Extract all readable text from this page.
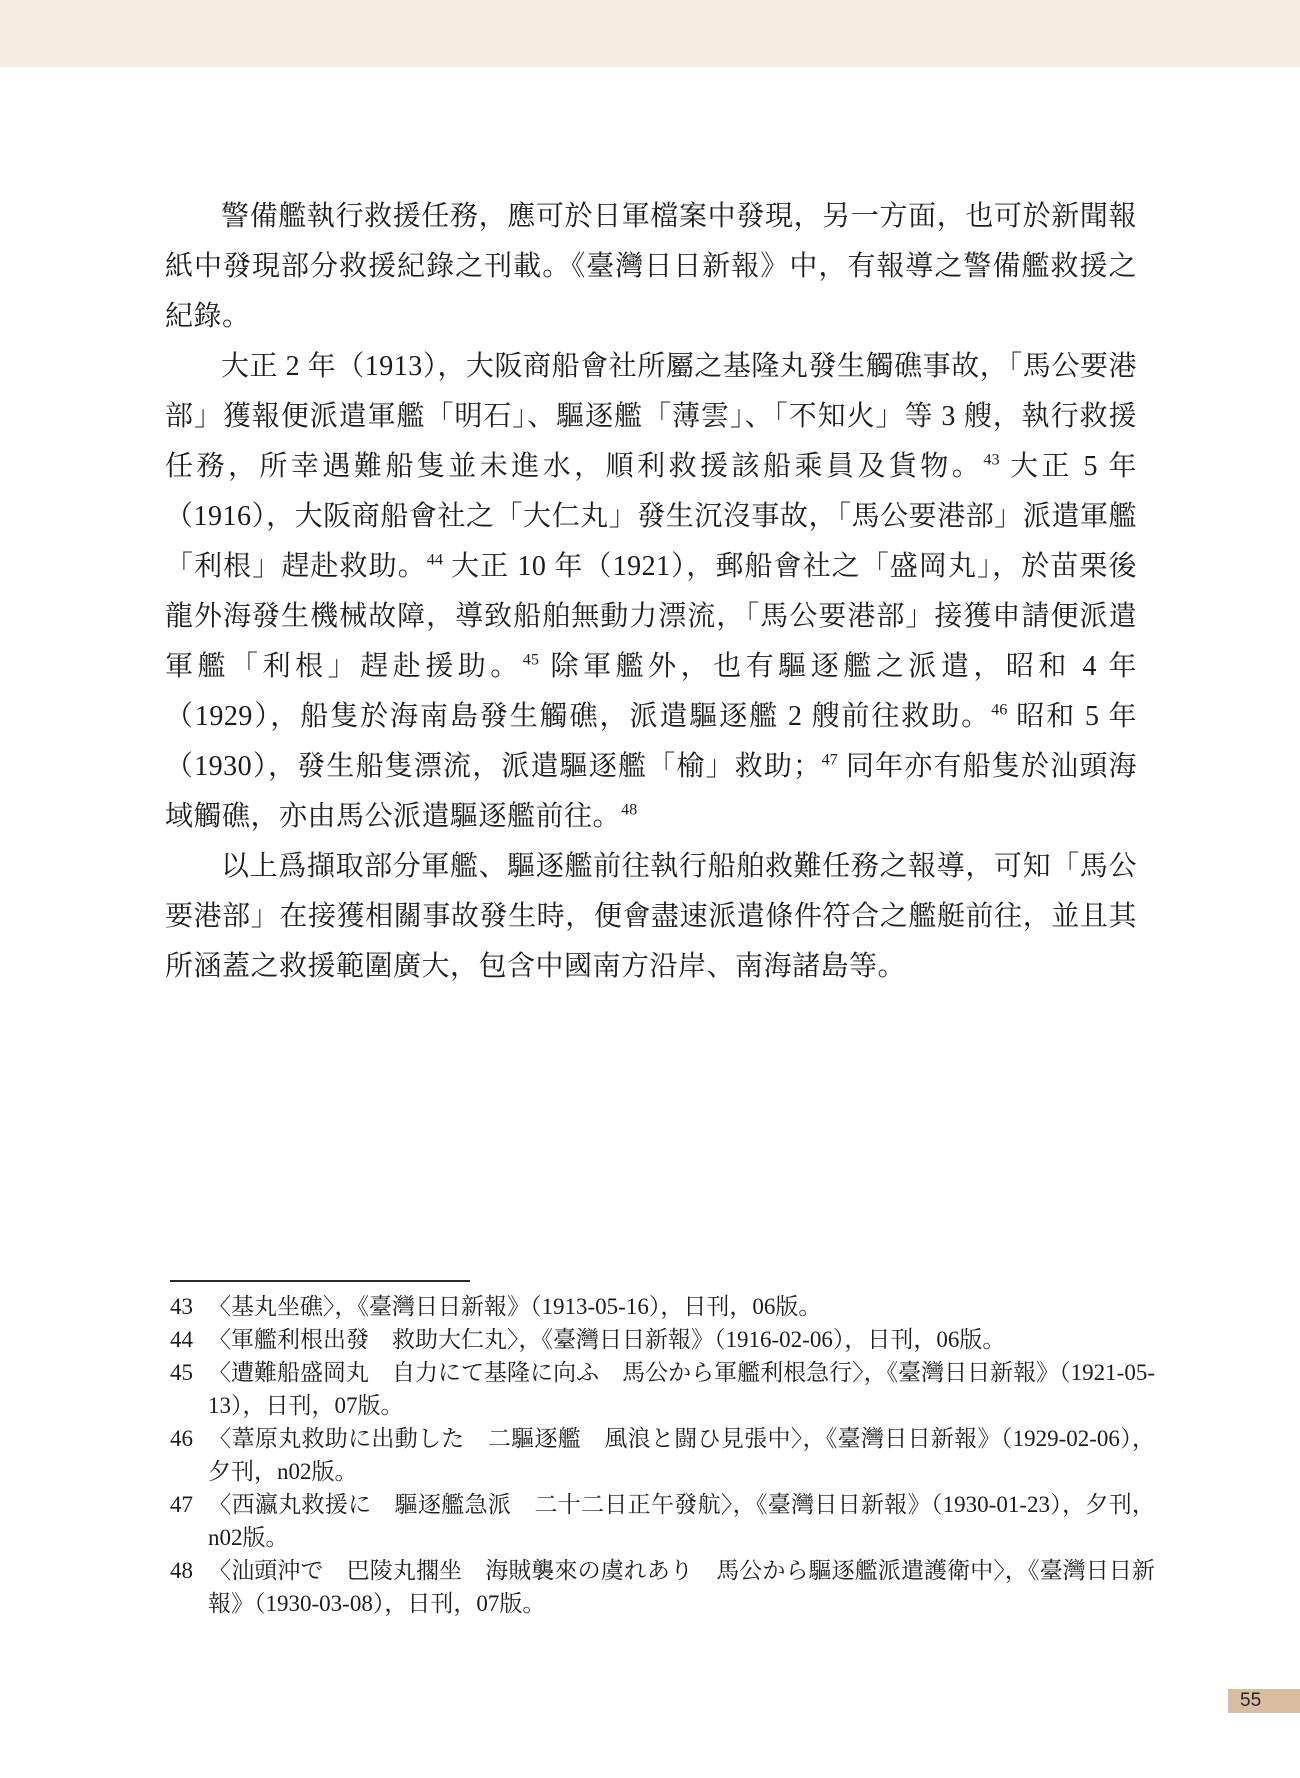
警備艦執行救援任務，應可於日軍檔案中發現，另一方面，也可於新聞報紙中發現部分救援紀錄之刊載。《臺灣日日新報》中，有報導之警備艦救援之紀錄。

大正 2 年（1913），大阪商船會社所屬之基隆丸發生觸礁事故，「馬公要港部」獲報便派遣軍艦「明石」、驅逐艦「薄雲」、「不知火」等 3 艘，執行救援任務，所幸遇難船隻並未進水，順利救援該船乘員及貨物。$^{43}$ 大正 5 年（1916），大阪商船會社之「大仁丸」發生沉沒事故，「馬公要港部」派遣軍艦「利根」趕赴救助。$^{44}$ 大正 10 年（1921），郵船會社之「盛岡丸」，於苗栗後龍外海發生機械故障，導致船舶無動力漂流，「馬公要港部」接獲申請便派遣軍艦「利根」趕赴援助。$^{45}$ 除軍艦外，也有驅逐艦之派遣，昭和 4 年（1929），船隻於海南島發生觸礁，派遣驅逐艦 2 艘前往救助。$^{46}$ 昭和 5 年（1930），發生船隻漂流，派遣驅逐艦「榆」救助；$^{47}$ 同年亦有船隻於汕頭海域觸礁，亦由馬公派遣驅逐艦前往。$^{48}$

以上爲擷取部分軍艦、驅逐艦前往執行船舶救難任務之報導，可知「馬公要港部」在接獲相關事故發生時，便會盡速派遣條件符合之艦艇前往，並且其所涵蓋之救援範圍廣大，包含中國南方沿岸、南海諸島等。

43 〈基丸坐礁〉，《臺灣日日新報》（1913-05-16），日刊，06版。
44 〈軍艦利根出發　救助大仁丸〉，《臺灣日日新報》（1916-02-06），日刊，06版。
45 〈遭難船盛岡丸　自力にて基隆に向ふ　馬公から軍艦利根急行〉，《臺灣日日新報》（1921-05-13），日刊，07版。
46 〈葦原丸救助に出動した　二驅逐艦　風浪と闘ひ見張中〉，《臺灣日日新報》（1929-02-06），夕刊，n02版。
47 〈西瀛丸救援に　驅逐艦急派　二十二日正午發航〉，《臺灣日日新報》（1930-01-23），夕刊，n02版。
48 〈汕頭沖で　巴陵丸擱坐　海賊襲來の虞れあり　馬公から驅逐艦派遣護衛中〉，《臺灣日日新報》（1930-03-08），日刊，07版。
55
